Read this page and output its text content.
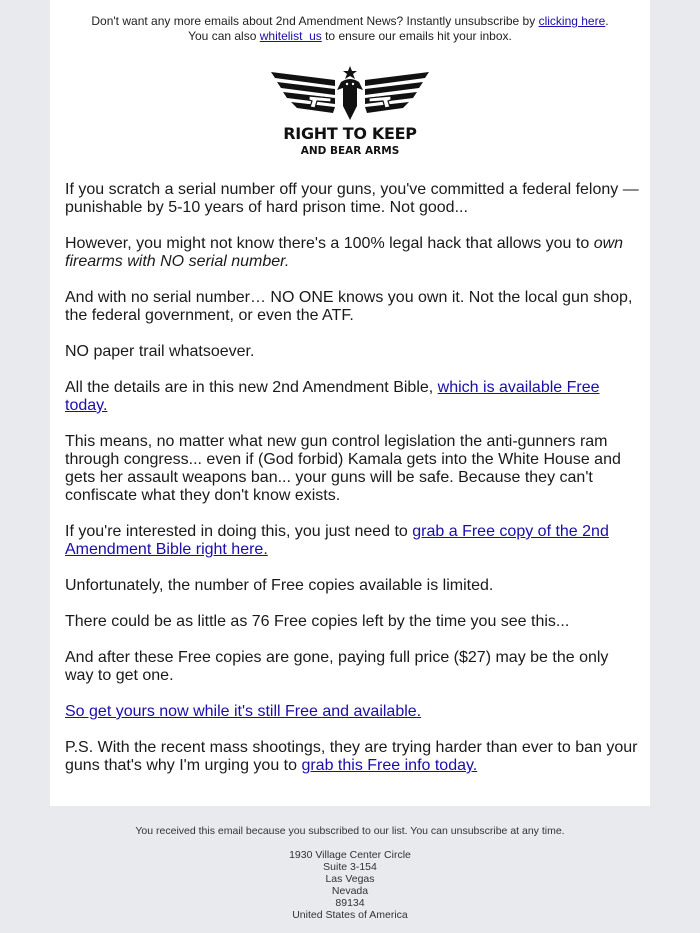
Don't want any more emails about 2nd Amendment News? Instantly unsubscribe by clicking here.
You can also whitelist  us to ensure our emails hit your inbox.
RIGHT TO KEEP
AND BEAR ARMS

If you scratch a serial number off your guns, you've committed a federal felony — punishable by 5-10 years of hard prison time. Not good...

However, you might not know there's a 100% legal hack that allows you to own firearms with NO serial number.

And with no serial number… NO ONE knows you own it. Not the local gun shop, the federal government, or even the ATF.

NO paper trail whatsoever.

All the details are in this new 2nd Amendment Bible, which is available Free today.

This means, no matter what new gun control legislation the anti-gunners ram through congress... even if (God forbid) Kamala gets into the White House and gets her assault weapons ban... your guns will be safe. Because they can't confiscate what they don't know exists.

If you're interested in doing this, you just need to grab a Free copy of the 2nd Amendment Bible right here.

Unfortunately, the number of Free copies available is limited.

There could be as little as 76 Free copies left by the time you see this...

And after these Free copies are gone, paying full price ($27) may be the only way to get one.

So get yours now while it's still Free and available.

P.S. With the recent mass shootings, they are trying harder than ever to ban your guns that's why I'm urging you to grab this Free info today.

You received this email because you subscribed to our list. You can unsubscribe at any time.
1930 Village Center Circle
Suite 3-154
Las Vegas
Nevada
89134
United States of America
